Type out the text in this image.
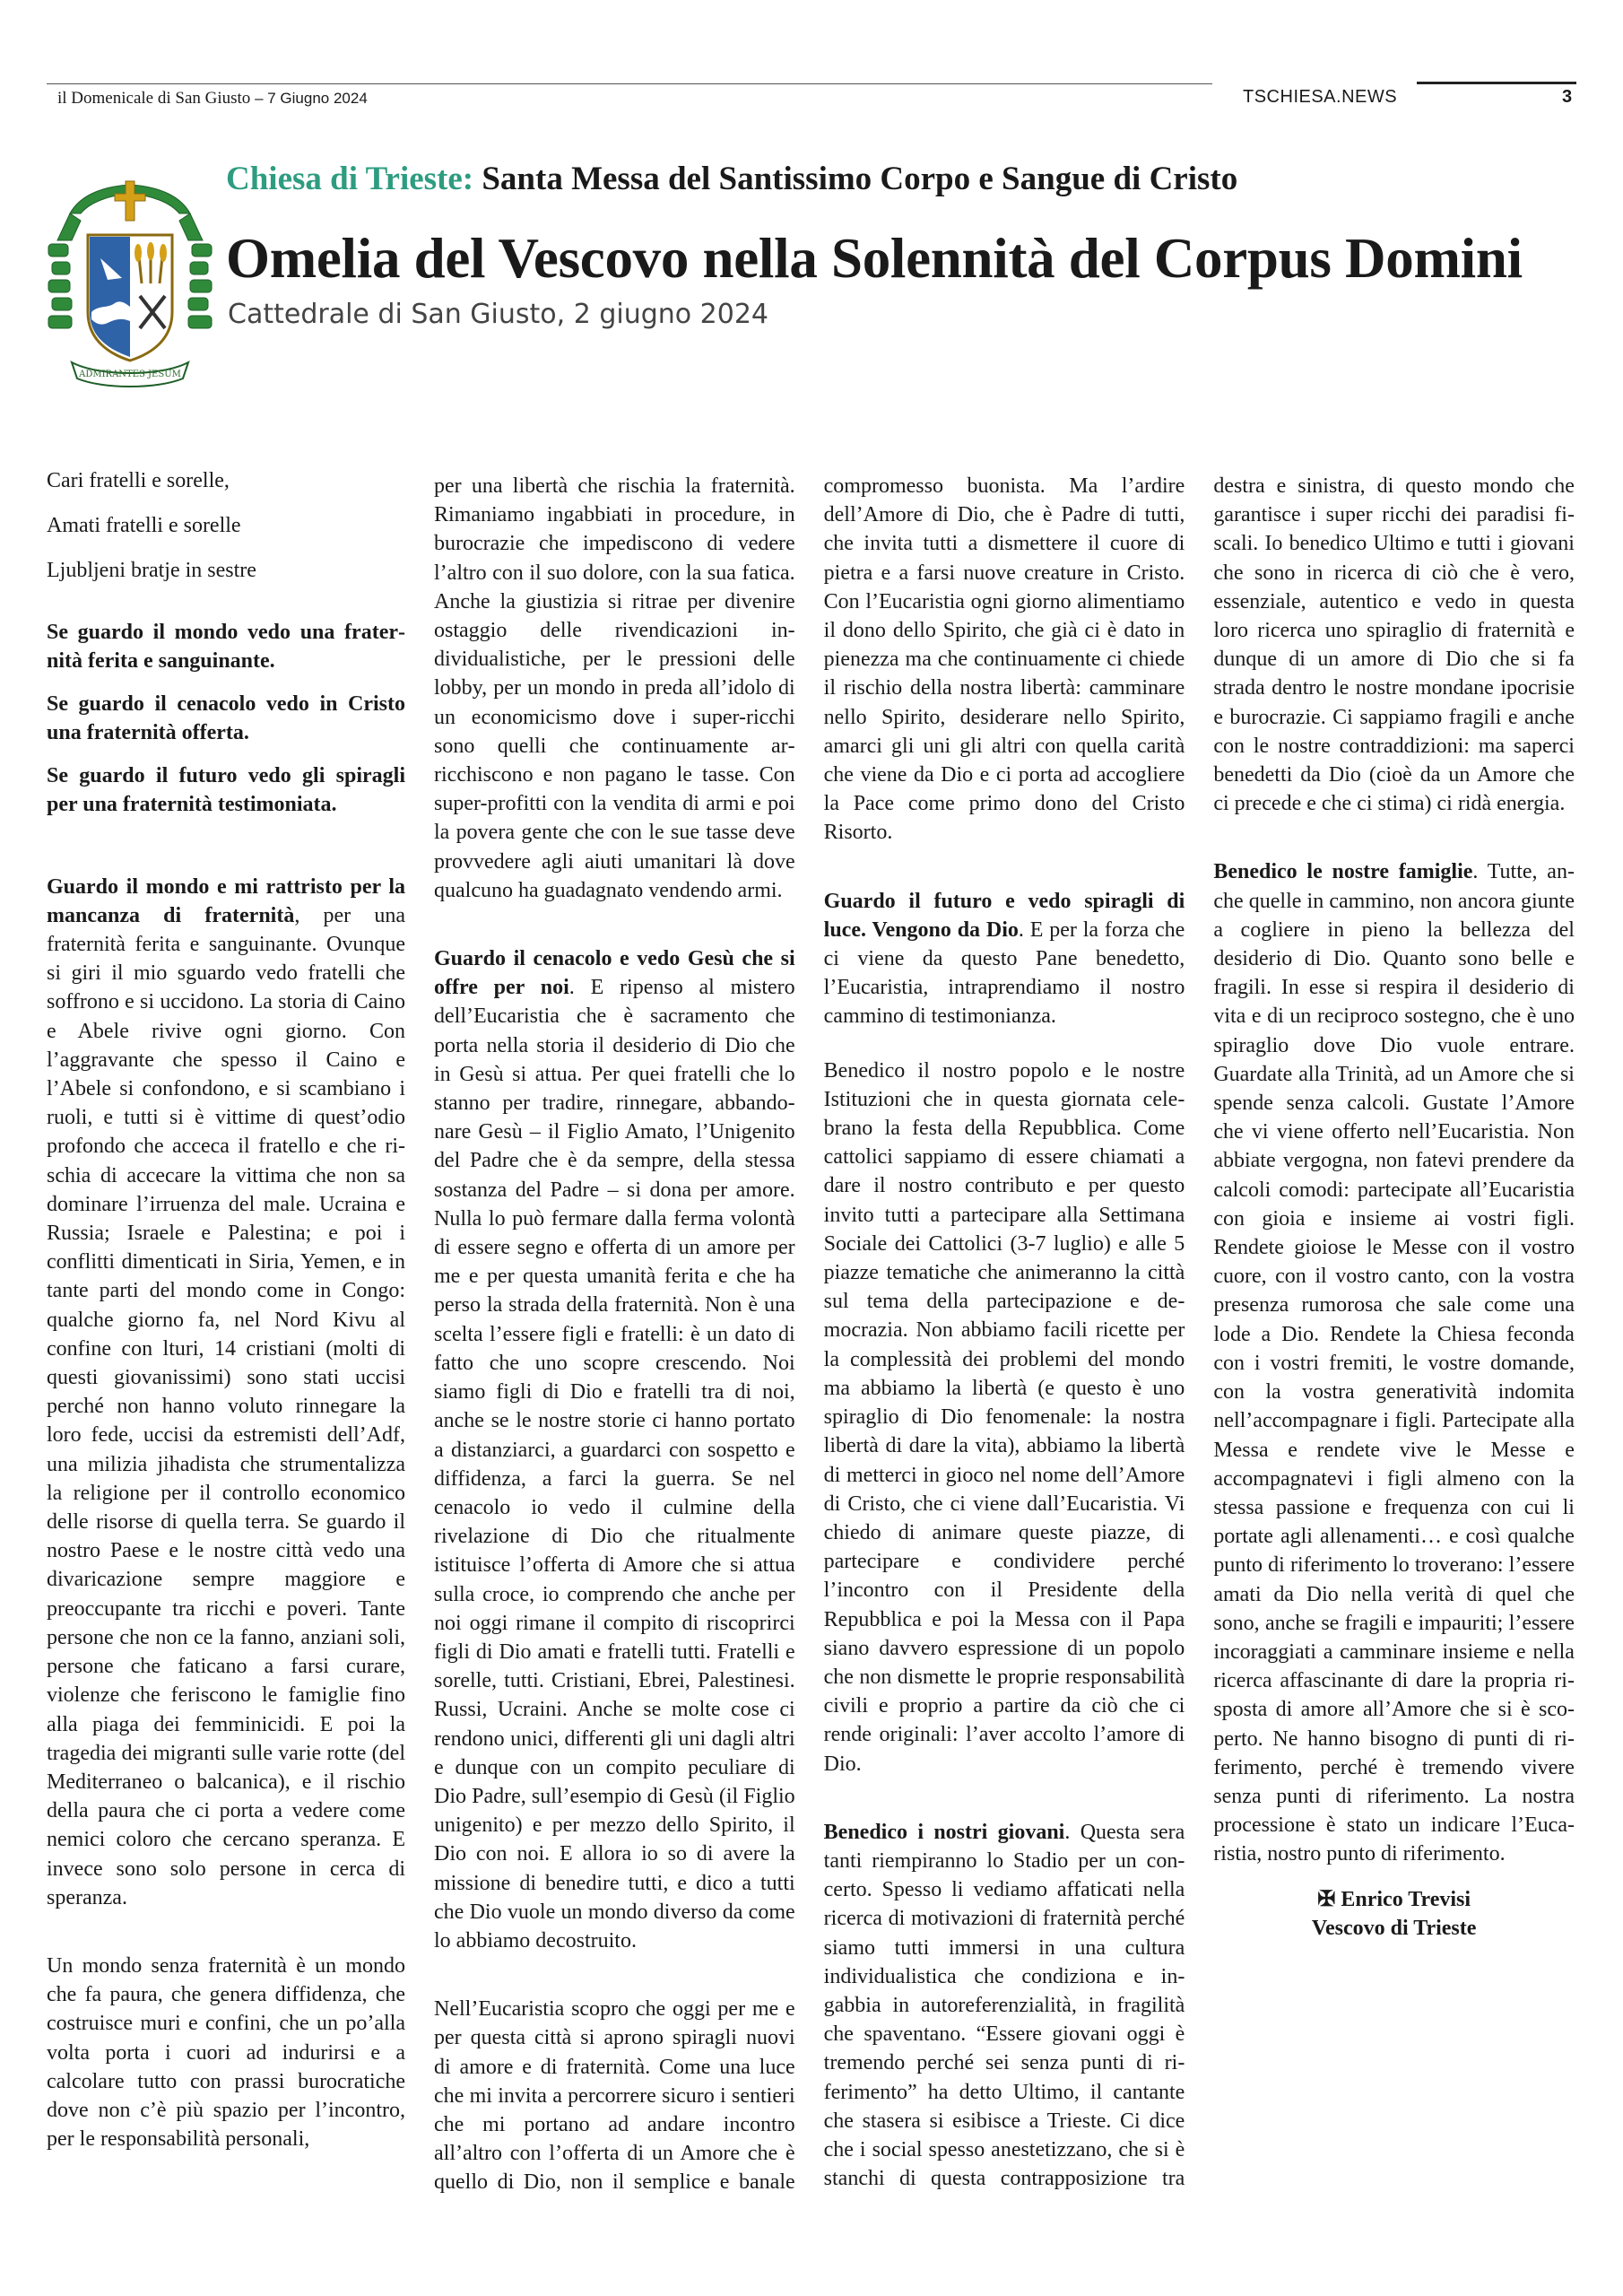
il Domenicale di San Giusto – 7 Giugno 2024	TSCHIESA.NEWS	3
ADMIRANTES JESUM
Chiesa di Trieste: Santa Messa del Santissimo Corpo e Sangue di Cristo
Omelia del Vescovo nella Solennità del Corpus Domini
Cattedrale di San Giusto, 2 giugno 2024

Cari fratelli e sorelle,

Amati fratelli e sorelle

Ljubljeni bratje in sestre

Se guardo il mondo vedo una fraternità ferita e sanguinante.

Se guardo il cenacolo vedo in Cristo una fraternità offerta.

Se guardo il futuro vedo gli spiragli per una fraternità testimoniata.

Guardo il mondo e mi rattristo per la mancanza di fraternità, per una fraternità ferita e sanguinante. Ovunque si giri il mio sguardo vedo fratelli che soffrono e si uccidono. La storia di Caino e Abele rivive ogni giorno. Con l’aggravante che spesso il Caino e l’Abele si confondono, e si scambiano i ruoli, e tutti si è vittime di quest’odio profondo che acceca il fratello e che rischia di accecare la vittima che non sa dominare l’irruenza del male. Ucraina e Russia; Israele e Palestina; e poi i conflitti dimenticati in Siria, Yemen, e in tante parti del mondo come in Congo: qualche giorno fa, nel Nord Kivu al confine con lturi, 14 cristiani (molti di questi giovanissimi) sono stati uccisi perché non hanno voluto rinnegare la loro fede, uccisi da estremisti dell’Adf, una milizia jihadista che strumentalizza la religione per il controllo economico delle risorse di quella terra. Se guardo il nostro Paese e le nostre città vedo una divaricazione sempre maggiore e preoccupante tra ricchi e poveri. Tante persone che non ce la fanno, anziani soli, persone che faticano a farsi curare, violenze che feriscono le famiglie fino alla piaga dei femminicidi. E poi la tragedia dei migranti sulle varie rotte (del Mediterraneo o balcanica), e il rischio della paura che ci porta a vedere come nemici coloro che cercano speranza. E invece sono solo persone in cerca di speranza.

Un mondo senza fraternità è un mondo che fa paura, che genera diffidenza, che costruisce muri e confini, che un po’alla volta porta i cuori ad indurirsi e a calcolare tutto con prassi burocratiche dove non c’è più spazio per l’incontro, per le responsabilità personali,

per una libertà che rischia la fraternità. Rimaniamo ingabbiati in procedure, in burocrazie che impediscono di vedere l’altro con il suo dolore, con la sua fatica. Anche la giustizia si ritrae per divenire ostaggio delle rivendicazioni individualistiche, per le pressioni delle lobby, per un mondo in preda all’idolo di un economicismo dove i super-ricchi sono quelli che continuamente arricchiscono e non pagano le tasse. Con super-profitti con la vendita di armi e poi la povera gente che con le sue tasse deve provvedere agli aiuti umanitari là dove qualcuno ha guadagnato vendendo armi.

Guardo il cenacolo e vedo Gesù che si offre per noi. E ripenso al mistero dell’Eucaristia che è sacramento che porta nella storia il desiderio di Dio che in Gesù si attua. Per quei fratelli che lo stanno per tradire, rinnegare, abbandonare Gesù – il Figlio Amato, l’Unigenito del Padre che è da sempre, della stessa sostanza del Padre – si dona per amore. Nulla lo può fermare dalla ferma volontà di essere segno e offerta di un amore per me e per questa umanità ferita e che ha perso la strada della fraternità. Non è una scelta l’essere figli e fratelli: è un dato di fatto che uno scopre crescendo. Noi siamo figli di Dio e fratelli tra di noi, anche se le nostre storie ci hanno portato a distanziarci, a guardarci con sospetto e diffidenza, a farci la guerra. Se nel cenacolo io vedo il culmine della rivelazione di Dio che ritualmente istituisce l’offerta di Amore che si attua sulla croce, io comprendo che anche per noi oggi rimane il compito di riscoprirci figli di Dio amati e fratelli tutti. Fratelli e sorelle, tutti. Cristiani, Ebrei, Palestinesi. Russi, Ucraini. Anche se molte cose ci rendono unici, differenti gli uni dagli altri e dunque con un compito peculiare di Dio Padre, sull’esempio di Gesù (il Figlio unigenito) e per mezzo dello Spirito, il Dio con noi. E allora io so di avere la missione di benedire tutti, e dico a tutti che Dio vuole un mondo diverso da come lo abbiamo decostruito.

Nell’Eucaristia scopro che oggi per me e per questa città si aprono spiragli nuovi di amore e di fraternità. Come una luce che mi invita a percorrere sicuro i sentieri che mi portano ad andare incontro all’altro con l’offerta di un Amore che è quello di Dio, non il semplice e banale compromesso buonista. Ma l’ardire dell’Amore di Dio, che è Padre di tutti, che invita tutti a dismettere il cuore di pietra e a farsi nuove creature in Cristo. Con l’Eucaristia ogni giorno alimentiamo il dono dello Spirito, che già ci è dato in pienezza ma che continuamente ci chiede il rischio della nostra libertà: camminare nello Spirito, desiderare nello Spirito, amarci gli uni gli altri con quella carità che viene da Dio e ci porta ad accogliere la Pace come primo dono del Cristo Risorto.

Guardo il futuro e vedo spiragli di luce. Vengono da Dio. E per la forza che ci viene da questo Pane benedetto, l’Eucaristia, intraprendiamo il nostro cammino di testimonianza.

Benedico il nostro popolo e le nostre Istituzioni che in questa giornata celebrano la festa della Repubblica. Come cattolici sappiamo di essere chiamati a dare il nostro contributo e per questo invito tutti a partecipare alla Settimana Sociale dei Cattolici (3-7 luglio) e alle 5 piazze tematiche che animeranno la città sul tema della partecipazione e democrazia. Non abbiamo facili ricette per la complessità dei problemi del mondo ma abbiamo la libertà (e questo è uno spiraglio di Dio fenomenale: la nostra libertà di dare la vita), abbiamo la libertà di metterci in gioco nel nome dell’Amore di Cristo, che ci viene dall’Eucaristia. Vi chiedo di animare queste piazze, di partecipare e condividere perché l’incontro con il Presidente della Repubblica e poi la Messa con il Papa siano davvero espressione di un popolo che non dismette le proprie responsabilità civili e proprio a partire da ciò che ci rende originali: l’aver accolto l’amore di Dio.

Benedico i nostri giovani. Questa sera tanti riempiranno lo Stadio per un concerto. Spesso li vediamo affaticati nella ricerca di motivazioni di fraternità perché siamo tutti immersi in una cultura individualistica che condiziona e ingabbia in autoreferenzialità, in fragilità che spaventano. “Essere giovani oggi è tremendo perché sei senza punti di riferimento” ha detto Ultimo, il cantante che stasera si esibisce a Trieste. Ci dice che i social spesso anestetizzano, che si è stanchi di questa contrapposizione tra destra e sinistra, di questo mondo che garantisce i super ricchi dei paradisi fiscali. Io benedico Ultimo e tutti i giovani che sono in ricerca di ciò che è vero, essenziale, autentico e vedo in questa loro ricerca uno spiraglio di fraternità e dunque di un amore di Dio che si fa strada dentro le nostre mondane ipocrisie e burocrazie. Ci sappiamo fragili e anche con le nostre contraddizioni: ma saperci benedetti da Dio (cioè da un Amore che ci precede e che ci stima) ci ridà energia.

Benedico le nostre famiglie. Tutte, anche quelle in cammino, non ancora giunte a cogliere in pieno la bellezza del desiderio di Dio. Quanto sono belle e fragili. In esse si respira il desiderio di vita e di un reciproco sostegno, che è uno spiraglio dove Dio vuole entrare. Guardate alla Trinità, ad un Amore che si spende senza calcoli. Gustate l’Amore che vi viene offerto nell’Eucaristia. Non abbiate vergogna, non fatevi prendere da calcoli comodi: partecipate all’Eucaristia con gioia e insieme ai vostri figli. Rendete gioiose le Messe con il vostro cuore, con il vostro canto, con la vostra presenza rumorosa che sale come una lode a Dio. Rendete la Chiesa feconda con i vostri fremiti, le vostre domande, con la vostra generatività indomita nell’accompagnare i figli. Partecipate alla Messa e rendete vive le Messe e accompagnatevi i figli almeno con la stessa passione e frequenza con cui li portate agli allenamenti… e così qualche punto di riferimento lo troverano: l’essere amati da Dio nella verità di quel che sono, anche se fragili e impauriti; l’essere incoraggiati a camminare insieme e nella ricerca affascinante di dare la propria risposta di amore all’Amore che si è scoperto. Ne hanno bisogno di punti di riferimento, perché è tremendo vivere senza punti di riferimento. La nostra processione è stato un indicare l’Eucaristia, nostro punto di riferimento.

✠ Enrico Trevisi
Vescovo di Trieste
